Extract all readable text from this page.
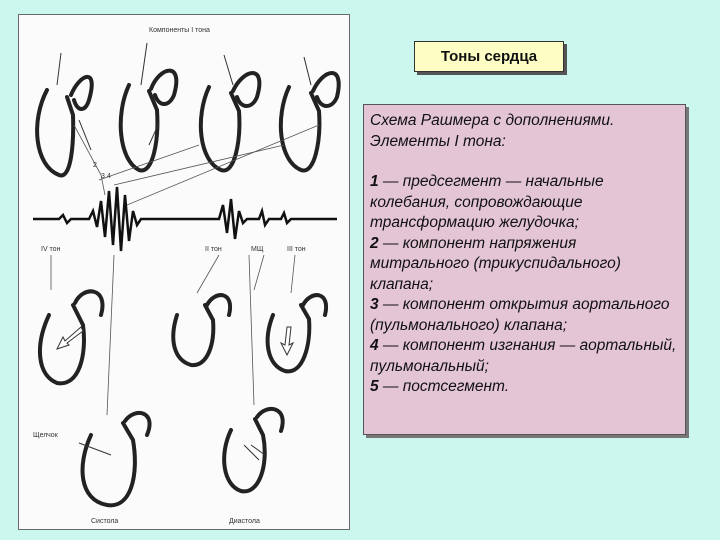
Компоненты I тона
2
3 4
5
IV тон	II тон	МЩ	III тон
Щелчок
Систола	Диастола
Тоны сердца
Схема Рашмера с дополнениями.
Элементы I тона:
1 — предсегмент — начальные колебания, сопровождающие трансформацию желудочка;
2 — компонент напряжения митрального (трикуспидального) клапана;
3 — компонент открытия аортального (пульмонального) клапана;
4 — компонент изгнания — аортальный, пульмональный;
5 — постсегмент.
